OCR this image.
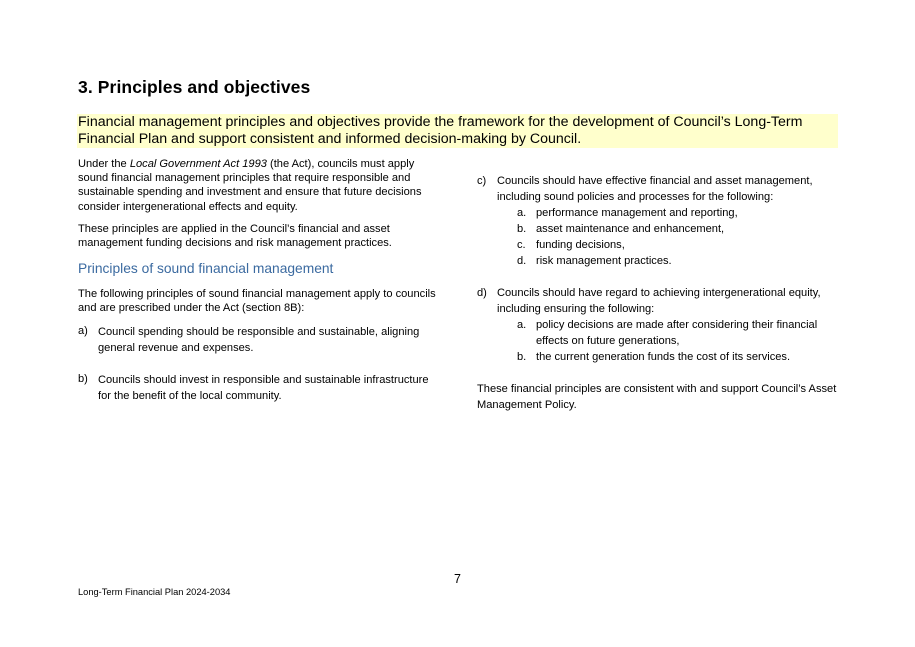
3. Principles and objectives
Financial management principles and objectives provide the framework for the development of Council’s Long-Term Financial Plan and support consistent and informed decision-making by Council.

Under the Local Government Act 1993 (the Act), councils must apply sound financial management principles that require responsible and sustainable spending and investment and ensure that future decisions consider intergenerational effects and equity.

These principles are applied in the Council’s financial and asset management funding decisions and risk management practices.

Principles of sound financial management

The following principles of sound financial management apply to councils and are prescribed under the Act (section 8B):

a) Council spending should be responsible and sustainable, aligning general revenue and expenses.
b) Councils should invest in responsible and sustainable infrastructure for the benefit of the local community.
c) Councils should have effective financial and asset management, including sound policies and processes for the following:
a. performance management and reporting,
b. asset maintenance and enhancement,
c. funding decisions,
d. risk management practices.
d) Councils should have regard to achieving intergenerational equity, including ensuring the following:
a. policy decisions are made after considering their financial effects on future generations,
b. the current generation funds the cost of its services.

These financial principles are consistent with and support Council’s Asset Management Policy.

7
Long-Term Financial Plan 2024-2034
